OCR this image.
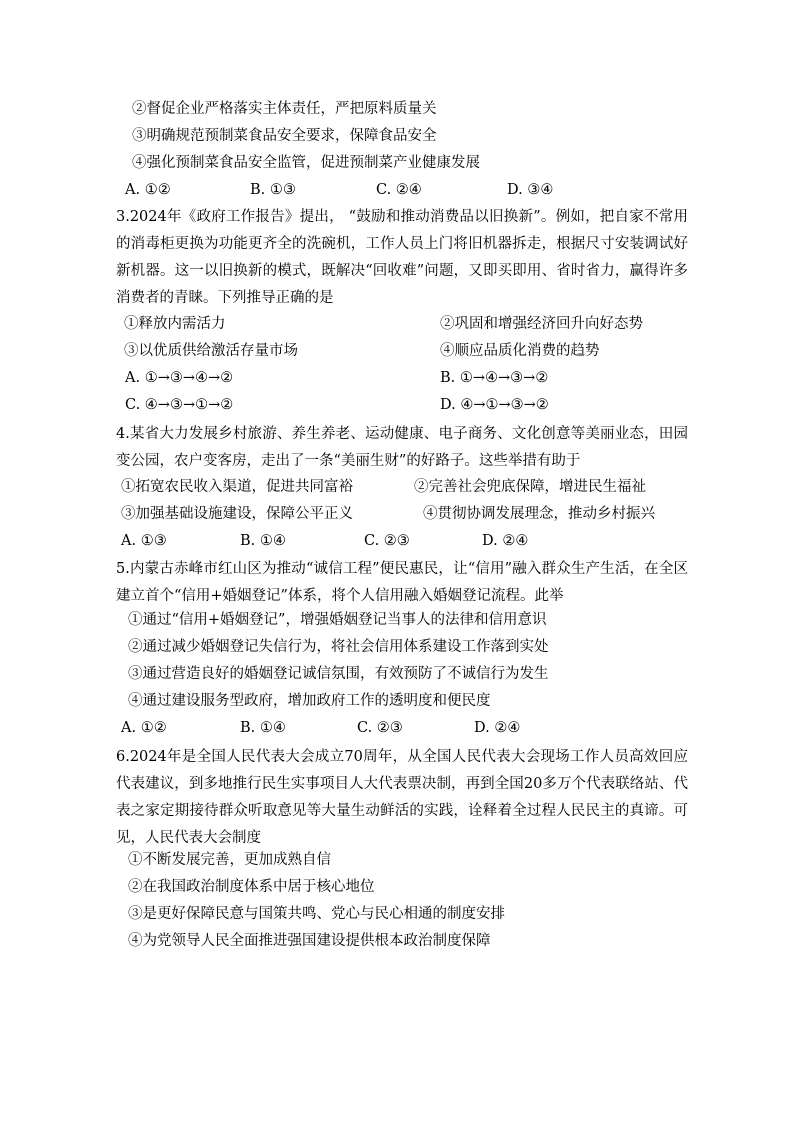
②督促企业严格落实主体责任，严把原料质量关
③明确规范预制菜食品安全要求，保障食品安全
④强化预制菜食品安全监管，促进预制菜产业健康发展
A. ①②	B. ①③	C. ②④	D. ③④
3.2024年《政府工作报告》提出， “鼓励和推动消费品以旧换新”。例如，把自家不常用的消毒柜更换为功能更齐全的洗碗机，工作人员上门将旧机器拆走，根据尺寸安装调试好新机器。这一以旧换新的模式，既解决“回收难”问题，又即买即用、省时省力，赢得许多消费者的青睐。下列推导正确的是
①释放内需活力	②巩固和增强经济回升向好态势
③以优质供给激活存量市场	④顺应品质化消费的趋势
A. ①→③→④→②	B. ①→④→③→②
C. ④→③→①→②	D. ④→①→③→②
4.某省大力发展乡村旅游、养生养老、运动健康、电子商务、文化创意等美丽业态，田园变公园，农户变客房，走出了一条“美丽生财”的好路子。这些举措有助于
①拓宽农民收入渠道，促进共同富裕	②完善社会兜底保障，增进民生福祉
③加强基础设施建设，保障公平正义	④贯彻协调发展理念，推动乡村振兴
A. ①③	B. ①④	C. ②③	D. ②④
5.内蒙古赤峰市红山区为推动“诚信工程”便民惠民，让“信用”融入群众生产生活，在全区建立首个“信用+婚姻登记”体系，将个人信用融入婚姻登记流程。此举
①通过“信用+婚姻登记”，增强婚姻登记当事人的法律和信用意识
②通过减少婚姻登记失信行为，将社会信用体系建设工作落到实处
③通过营造良好的婚姻登记诚信氛围，有效预防了不诚信行为发生
④通过建设服务型政府，增加政府工作的透明度和便民度
A. ①②	B. ①④	C. ②③	D. ②④
6.2024年是全国人民代表大会成立70周年，从全国人民代表大会现场工作人员高效回应代表建议，到多地推行民生实事项目人大代表票决制，再到全国20多万个代表联络站、代表之家定期接待群众听取意见等大量生动鲜活的实践，诠释着全过程人民民主的真谛。可见，人民代表大会制度
①不断发展完善，更加成熟自信
②在我国政治制度体系中居于核心地位
③是更好保障民意与国策共鸣、党心与民心相通的制度安排
④为党领导人民全面推进强国建设提供根本政治制度保障
